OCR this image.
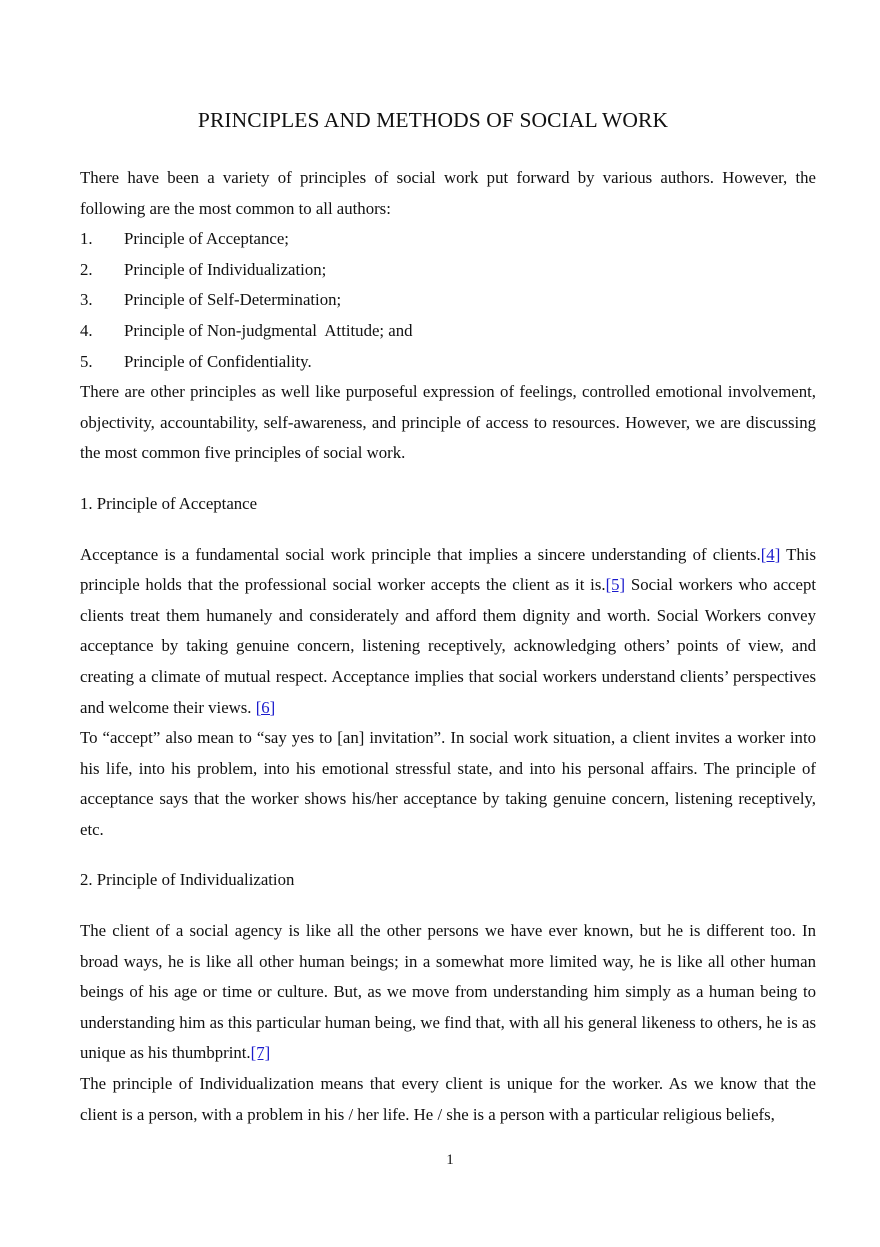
PRINCIPLES AND METHODS OF SOCIAL WORK

There have been a variety of principles of social work put forward by various authors. However, the following are the most common to all authors:

1.	Principle of Acceptance;
2.	Principle of Individualization;
3.	Principle of Self-Determination;
4.	Principle of Non-judgmental  Attitude; and
5.	Principle of Confidentiality.

There are other principles as well like purposeful expression of feelings, controlled emotional involvement, objectivity, accountability, self-awareness, and principle of access to resources. However, we are discussing the most common five principles of social work.

1. Principle of Acceptance

Acceptance is a fundamental social work principle that implies a sincere understanding of clients.[4] This principle holds that the professional social worker accepts the client as it is.[5] Social workers who accept clients treat them humanely and considerately and afford them dignity and worth. Social Workers convey acceptance by taking genuine concern, listening receptively, acknowledging others’ points of view, and creating a climate of mutual respect. Acceptance implies that social workers understand clients’ perspectives and welcome their views. [6]

To “accept” also mean to “say yes to [an] invitation”. In social work situation, a client invites a worker into his life, into his problem, into his emotional stressful state, and into his personal affairs. The principle of acceptance says that the worker shows his/her acceptance by taking genuine concern, listening receptively, etc.

2. Principle of Individualization

The client of a social agency is like all the other persons we have ever known, but he is different too. In broad ways, he is like all other human beings; in a somewhat more limited way, he is like all other human beings of his age or time or culture. But, as we move from understanding him simply as a human being to understanding him as this particular human being, we find that, with all his general likeness to others, he is as unique as his thumbprint.[7]

The principle of Individualization means that every client is unique for the worker. As we know that the client is a person, with a problem in his / her life. He / she is a person with a particular religious beliefs,

1
